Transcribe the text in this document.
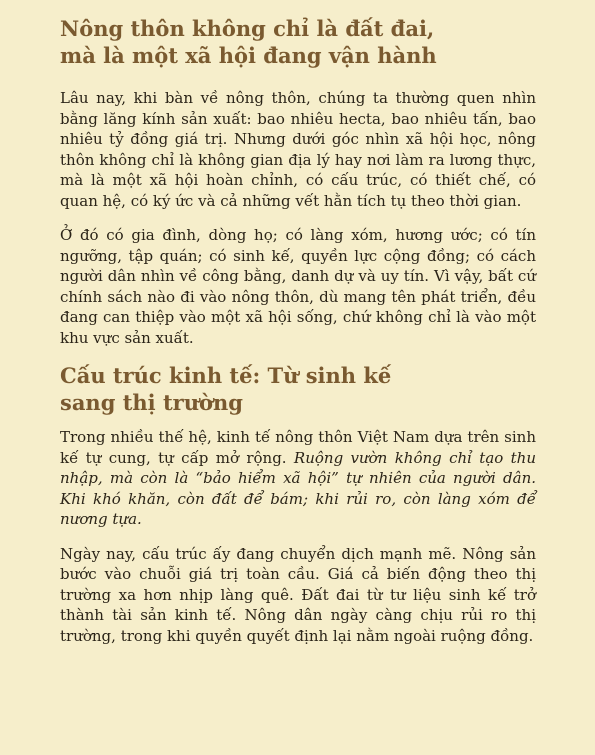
Nông thôn không chỉ là đất đai,
mà là một xã hội đang vận hành

Lâu nay, khi bàn về nông thôn, chúng ta thường quen nhìn bằng lăng kính sản xuất: bao nhiêu hecta, bao nhiêu tấn, bao nhiêu tỷ đồng giá trị. Nhưng dưới góc nhìn xã hội học, nông thôn không chỉ là không gian địa lý hay nơi làm ra lương thực, mà là một xã hội hoàn chỉnh, có cấu trúc, có thiết chế, có quan hệ, có ký ức và cả những vết hằn tích tụ theo thời gian.

Ở đó có gia đình, dòng họ; có làng xóm, hương ước; có tín ngưỡng, tập quán; có sinh kế, quyền lực cộng đồng; có cách người dân nhìn về công bằng, danh dự và uy tín. Vì vậy, bất cứ chính sách nào đi vào nông thôn, dù mang tên phát triển, đều đang can thiệp vào một xã hội sống, chứ không chỉ là vào một khu vực sản xuất.

Cấu trúc kinh tế: Từ sinh kế
sang thị trường

Trong nhiều thế hệ, kinh tế nông thôn Việt Nam dựa trên sinh kế tự cung, tự cấp mở rộng. Ruộng vườn không chỉ tạo thu nhập, mà còn là “bảo hiểm xã hội” tự nhiên của người dân. Khi khó khăn, còn đất để bám; khi rủi ro, còn làng xóm để nương tựa.

Ngày nay, cấu trúc ấy đang chuyển dịch mạnh mẽ. Nông sản bước vào chuỗi giá trị toàn cầu. Giá cả biến động theo thị trường xa hơn nhịp làng quê. Đất đai từ tư liệu sinh kế trở thành tài sản kinh tế. Nông dân ngày càng chịu rủi ro thị trường, trong khi quyền quyết định lại nằm ngoài ruộng đồng.
